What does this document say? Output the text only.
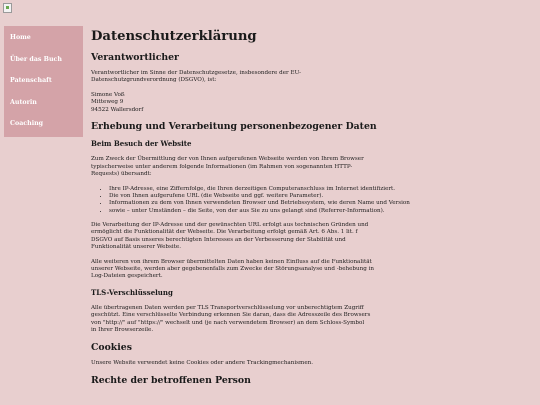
Home
Über das Buch
Patenschaft
Autorin
Coaching
Datenschutzerklärung
Verantwortlicher

Verantwortlicher im Sinne der Datenschutzgesetze, insbesondere der EU-
Datenschutzgrundverordnung (DSGVO), ist:

Simone Voß
Mitteweg 9
94522 Wallersdorf

Erhebung und Verarbeitung personenbezogener Daten
Beim Besuch der Website

Zum Zweck der Übermittlung der von Ihnen aufgerufenen Webseite werden von Ihrem Browser
typischerweise unter anderem folgende Informationen (im Rahmen von sogenannten HTTP-
Requests) übersandt:

• Ihre IP-Adresse, eine Ziffernfolge, die Ihren derzeitigen Computeranschluss im Internet identifiziert.
• Die von Ihnen aufgerufene URL (die Webseite und ggf. weitere Parameter).
• Informationen zu dem von Ihnen verwendeten Browser und Betriebssystem, wie deren Name und Version
• sowie – unter Umständen – die Seite, von der aus Sie zu uns gelangt sind (Referrer-Information).

Die Verarbeitung der IP-Adresse und der gewünschten URL erfolgt aus technischen Gründen und
ermöglicht die Funktionalität der Webseite. Die Verarbeitung erfolgt gemäß Art. 6 Abs. 1 lit. f
DSGVO auf Basis unseres berechtigten Interesses an der Verbesserung der Stabilität und
Funktionalität unserer Website.

Alle weiteren von ihrem Browser übermittelten Daten haben keinen Einfluss auf die Funktionalität
unserer Webseite, werden aber gegebenenfalls zum Zwecke der Störungsanalyse und -behebung in
Log-Dateien gespeichert.

TLS-Verschlüsselung

Alle übertragenen Daten werden per TLS Transportverschlüsselung vor unberechtigtem Zugriff
geschützt. Eine verschlüsselte Verbindung erkennen Sie daran, dass die Adresszeile des Browsers
von "http://" auf "https://" wechselt und (je nach verwendetem Browser) an dem Schloss-Symbol
in Ihrer Browserzeile.

Cookies

Unsere Website verwendet keine Cookies oder andere Trackingmechanismen.

Rechte der betroffenen Person
